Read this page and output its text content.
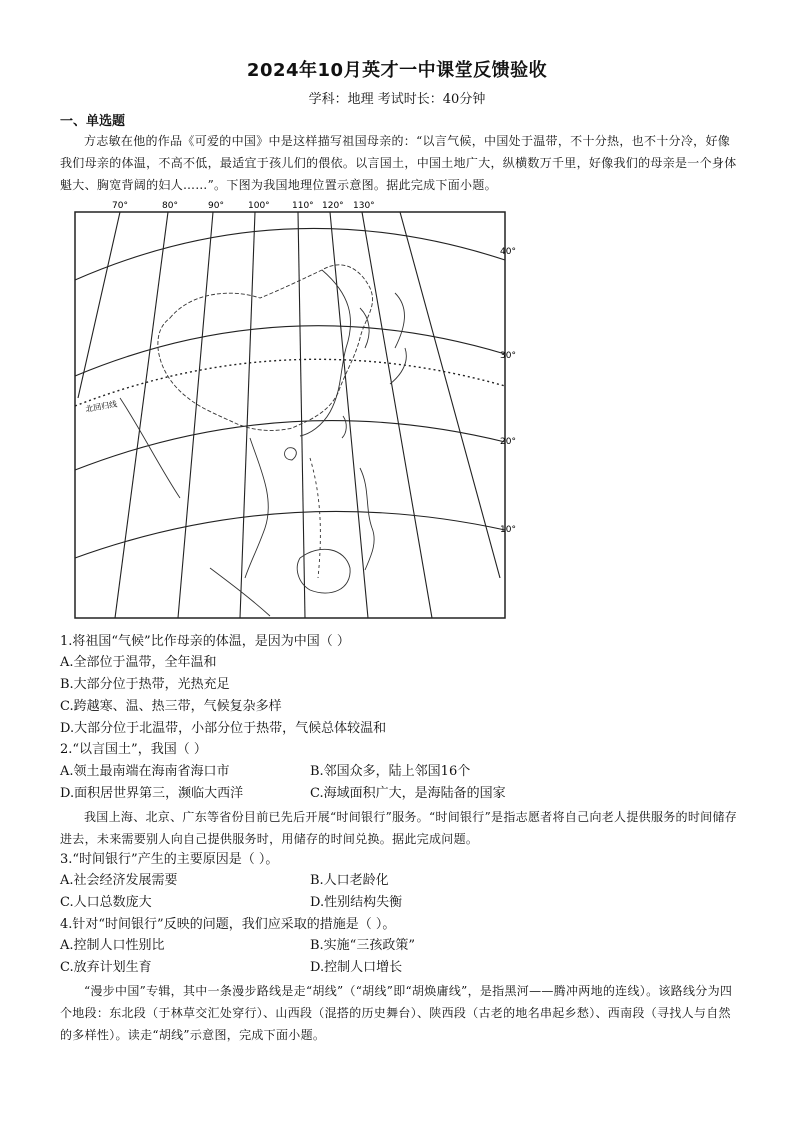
2024年10月英才一中课堂反馈验收
学科：地理 考试时长：40分钟
一、单选题
方志敏在他的作品《可爱的中国》中是这样描写祖国母亲的：“以言气候，中国处于温带，不十分热，也不十分冷，好像我们母亲的体温，不高不低，最适宜于孩儿们的偎依。以言国土，中国土地广大，纵横数万千里，好像我们的母亲是一个身体魁大、胸宽背阔的妇人……”。下图为我国地理位置示意图。据此完成下面小题。
70°	80°	90°	100° 110° 120° 130°
40°
30°
20°
10°
北回归线
1.将祖国“气候”比作母亲的体温，是因为中国（ ）
A.全部位于温带，全年温和
B.大部分位于热带，光热充足
C.跨越寒、温、热三带，气候复杂多样
D.大部分位于北温带，小部分位于热带，气候总体较温和
2.“以言国土”，我国（ ）
A.领土最南端在海南省海口市	B.邻国众多，陆上邻国16个
D.面积居世界第三，濒临大西洋	C.海域面积广大，是海陆备的国家
我国上海、北京、广东等省份目前已先后开展“时间银行”服务。“时间银行”是指志愿者将自己向老人提供服务的时间储存进去，未来需要别人向自己提供服务时，用储存的时间兑换。据此完成问题。
3.“时间银行”产生的主要原因是（ ）。
A.社会经济发展需要	B.人口老龄化
C.人口总数庞大	D.性别结构失衡
4.针对“时间银行”反映的问题，我们应采取的措施是（ ）。
A.控制人口性别比	B.实施“三孩政策”
C.放弃计划生育	D.控制人口增长
“漫步中国”专辑，其中一条漫步路线是走“胡线”（“胡线”即“胡焕庸线”，是指黑河——腾冲两地的连线）。该路线分为四个地段：东北段（于林草交汇处穿行）、山西段（混搭的历史舞台）、陕西段（古老的地名串起乡愁）、西南段（寻找人与自然的多样性）。读走“胡线”示意图，完成下面小题。
